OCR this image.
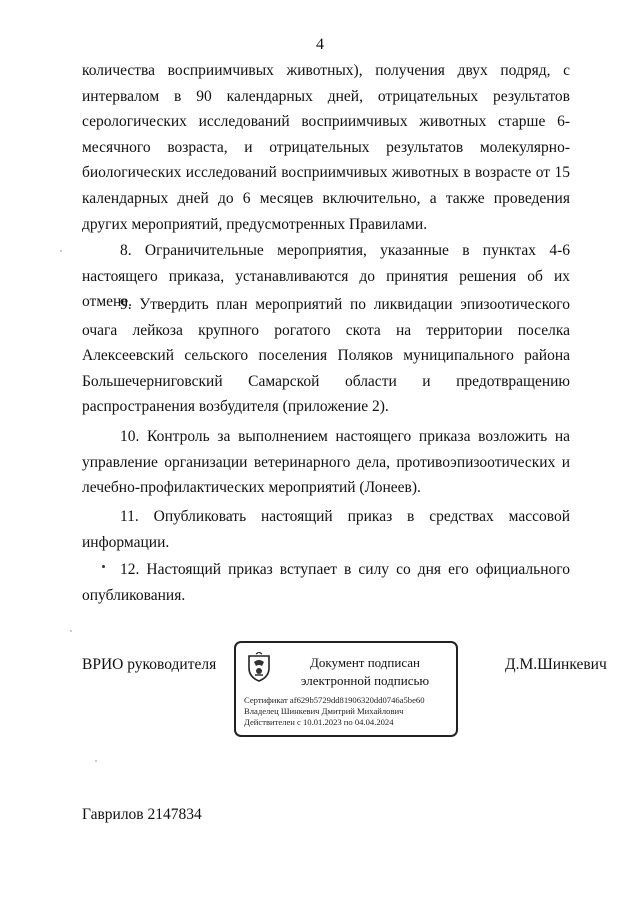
4

количества восприимчивых животных), получения двух подряд, с интервалом в 90 календарных дней, отрицательных результатов серологических исследований восприимчивых животных старше 6-месячного возраста, и отрицательных результатов молекулярно-биологических исследований восприимчивых животных в возрасте от 15 календарных дней до 6 месяцев включительно, а также проведения других мероприятий, предусмотренных Правилами.

8. Ограничительные мероприятия, указанные в пунктах 4-6 настоящего приказа, устанавливаются до принятия решения об их отмене.

9. Утвердить план мероприятий по ликвидации эпизоотического очага лейкоза крупного рогатого скота на территории поселка Алексеевский сельского поселения Поляков муниципального района Большечерниговский Самарской области и предотвращению распространения возбудителя (приложение 2).

10. Контроль за выполнением настоящего приказа возложить на управление организации ветеринарного дела, противоэпизоотических и лечебно-профилактических мероприятий (Лонеев).

11. Опубликовать настоящий приказ в средствах массовой информации.

12. Настоящий приказ вступает в силу со дня его официального опубликования.

ВРИО руководителя	Документ подписан
электронной подписью
Сертификат af629b5729dd81906320dd0746a5be60
Владелец Шинкевич Дмитрий Михайлович
Действителен с 10.01.2023 по 04.04.2024
Д.М.Шинкевич
Гаврилов 2147834
